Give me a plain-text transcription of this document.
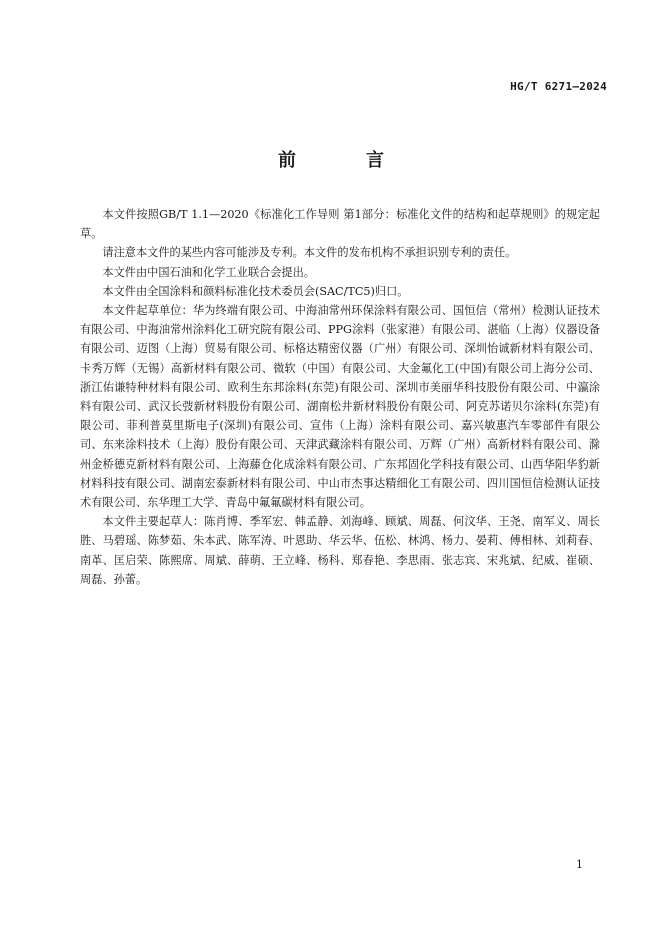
HG/T 6271—2024
前　言

本文件按照GB/T 1.1—2020《标准化工作导则 第1部分：标准化文件的结构和起草规则》的规定起草。

请注意本文件的某些内容可能涉及专利。本文件的发布机构不承担识别专利的责任。

本文件由中国石油和化学工业联合会提出。

本文件由全国涂料和颜料标准化技术委员会(SAC/TC5)归口。

本文件起草单位：华为终端有限公司、中海油常州环保涂料有限公司、国恒信（常州）检测认证技术有限公司、中海油常州涂料化工研究院有限公司、PPG涂料（张家港）有限公司、湛临（上海）仪器设备有限公司、迈图（上海）贸易有限公司、标格达精密仪器（广州）有限公司、深圳怡诚新材料有限公司、卡秀万辉（无锡）高新材料有限公司、微软（中国）有限公司、大金氟化工(中国)有限公司上海分公司、浙江佑谦特种材料有限公司、欧利生东邦涂料(东莞)有限公司、深圳市美丽华科技股份有限公司、中瀛涂料有限公司、武汉长弢新材料股份有限公司、湖南松井新材料股份有限公司、阿克苏诺贝尔涂料(东莞)有限公司、菲利普莫里斯电子(深圳)有限公司、宣伟（上海）涂料有限公司、嘉兴敏惠汽车零部件有限公司、东来涂料技术（上海）股份有限公司、天津武藏涂料有限公司、万辉（广州）高新材料有限公司、滁州金桥德克新材料有限公司、上海藤仓化成涂料有限公司、广东邦固化学科技有限公司、山西华阳华豹新材料科技有限公司、湖南宏泰新材料有限公司、中山市杰事达精细化工有限公司、四川国恒信检测认证技术有限公司、东华理工大学、青岛中氟氟碳材料有限公司。

本文件主要起草人：陈肖博、季军宏、韩孟静、刘海峰、顾斌、周磊、何汶华、王尧、南军义、周长胜、马碧瑶、陈梦茹、朱本武、陈军涛、叶恩助、华云华、伍松、林鸿、杨力、晏莉、傅相林、刘莉春、南革、匡启荣、陈熙席、周斌、薛萌、王立峰、杨科、郑春艳、李思雨、张志宾、宋兆斌、纪威、崔硕、周磊、孙蕾。

1
